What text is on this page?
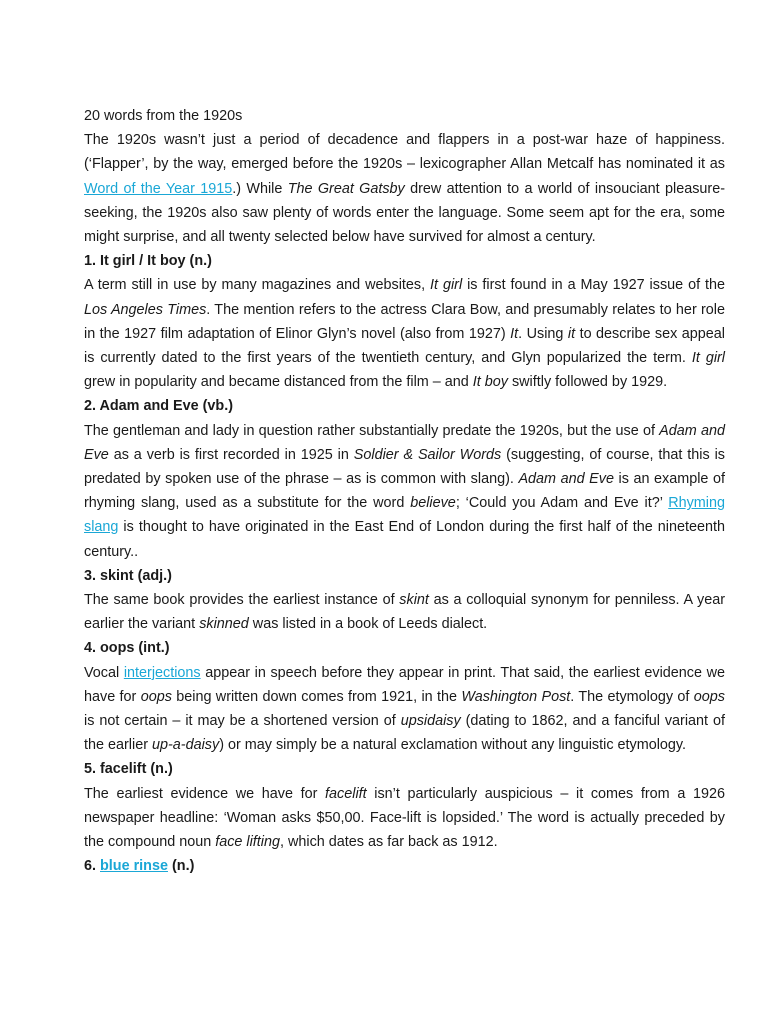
20 words from the 1920s

The 1920s wasn’t just a period of decadence and flappers in a post-war haze of happiness. (‘Flapper’, by the way, emerged before the 1920s – lexicographer Allan Metcalf has nominated it as Word of the Year 1915.) While The Great Gatsby drew attention to a world of insouciant pleasure-seeking, the 1920s also saw plenty of words enter the language. Some seem apt for the era, some might surprise, and all twenty selected below have survived for almost a century.

1. It girl / It boy (n.)

A term still in use by many magazines and websites, It girl is first found in a May 1927 issue of the Los Angeles Times. The mention refers to the actress Clara Bow, and presumably relates to her role in the 1927 film adaptation of Elinor Glyn’s novel (also from 1927) It. Using it to describe sex appeal is currently dated to the first years of the twentieth century, and Glyn popularized the term. It girl grew in popularity and became distanced from the film – and It boy swiftly followed by 1929.

2. Adam and Eve (vb.)

The gentleman and lady in question rather substantially predate the 1920s, but the use of Adam and Eve as a verb is first recorded in 1925 in Soldier & Sailor Words (suggesting, of course, that this is predated by spoken use of the phrase – as is common with slang). Adam and Eve is an example of rhyming slang, used as a substitute for the word believe; ‘Could you Adam and Eve it?’ Rhyming slang is thought to have originated in the East End of London during the first half of the nineteenth century..

3. skint (adj.)

The same book provides the earliest instance of skint as a colloquial synonym for penniless. A year earlier the variant skinned was listed in a book of Leeds dialect.

4. oops (int.)

Vocal interjections appear in speech before they appear in print. That said, the earliest evidence we have for oops being written down comes from 1921, in the Washington Post. The etymology of oops is not certain – it may be a shortened version of upsidaisy (dating to 1862, and a fanciful variant of the earlier up-a-daisy) or may simply be a natural exclamation without any linguistic etymology.

5. facelift (n.)

The earliest evidence we have for facelift isn’t particularly auspicious – it comes from a 1926 newspaper headline: ‘Woman asks $50,00. Face-lift is lopsided.’ The word is actually preceded by the compound noun face lifting, which dates as far back as 1912.

6. blue rinse (n.)
